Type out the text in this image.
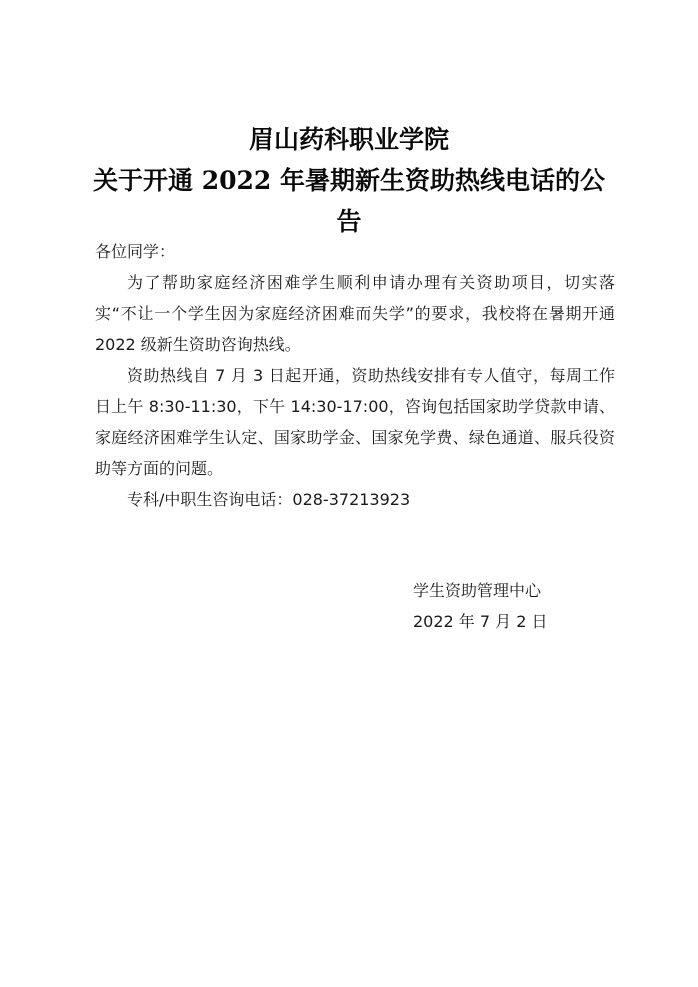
眉山药科职业学院
关于开通 2022 年暑期新生资助热线电话的公
告
各位同学：
为了帮助家庭经济困难学生顺利申请办理有关资助项目，切实落实“不让一个学生因为家庭经济困难而失学”的要求，我校将在暑期开通 2022 级新生资助咨询热线。
资助热线自 7 月 3 日起开通，资助热线安排有专人值守，每周工作日上午 8:30-11:30，下午 14:30-17:00，咨询包括国家助学贷款申请、家庭经济困难学生认定、国家助学金、国家免学费、绿色通道、服兵役资助等方面的问题。
专科/中职生咨询电话：028-37213923
学生资助管理中心
2022 年 7 月 2 日
